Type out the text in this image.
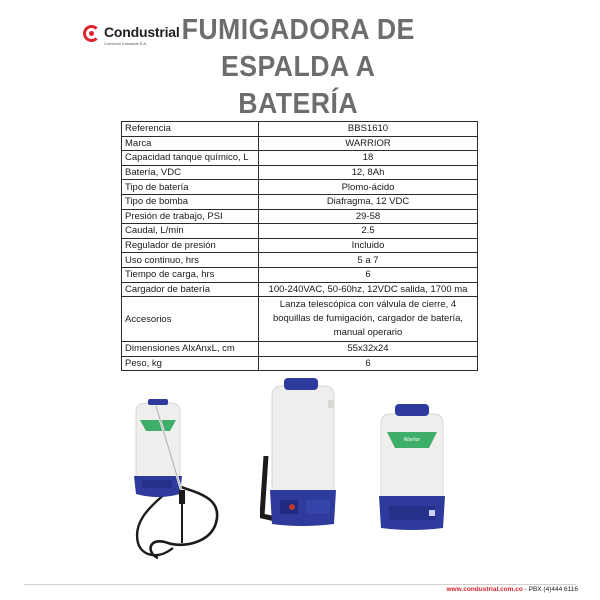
Condustrial
Comercio Industrial S.A. FUMIGADORA DE
ESPALDA A BATERÍA
Referencia	BBS1610
Marca	WARRIOR
Capacidad tanque químico, L	18
Batería, VDC	12, 8Ah
Tipo de batería	Plomo-ácido
Tipo de bomba	Diafragma, 12 VDC
Presión de trabajo, PSI	29-58
Caudal, L/min	2.5
Regulador de presión	Incluido
Uso continuo, hrs	5 a 7
Tiempo de carga, hrs	6
Cargador de batería	100-240VAC, 50-60hz, 12VDC salida, 1700 ma
Accesorios	Lanza telescópica con válvula de cierre, 4 boquillas de fumigación, cargador de batería, manual operario
Dimensiones AlxAnxL, cm	55x32x24
Peso, kg	6
Warrior
www.condustrial.com.co - PBX (4)444 6116
